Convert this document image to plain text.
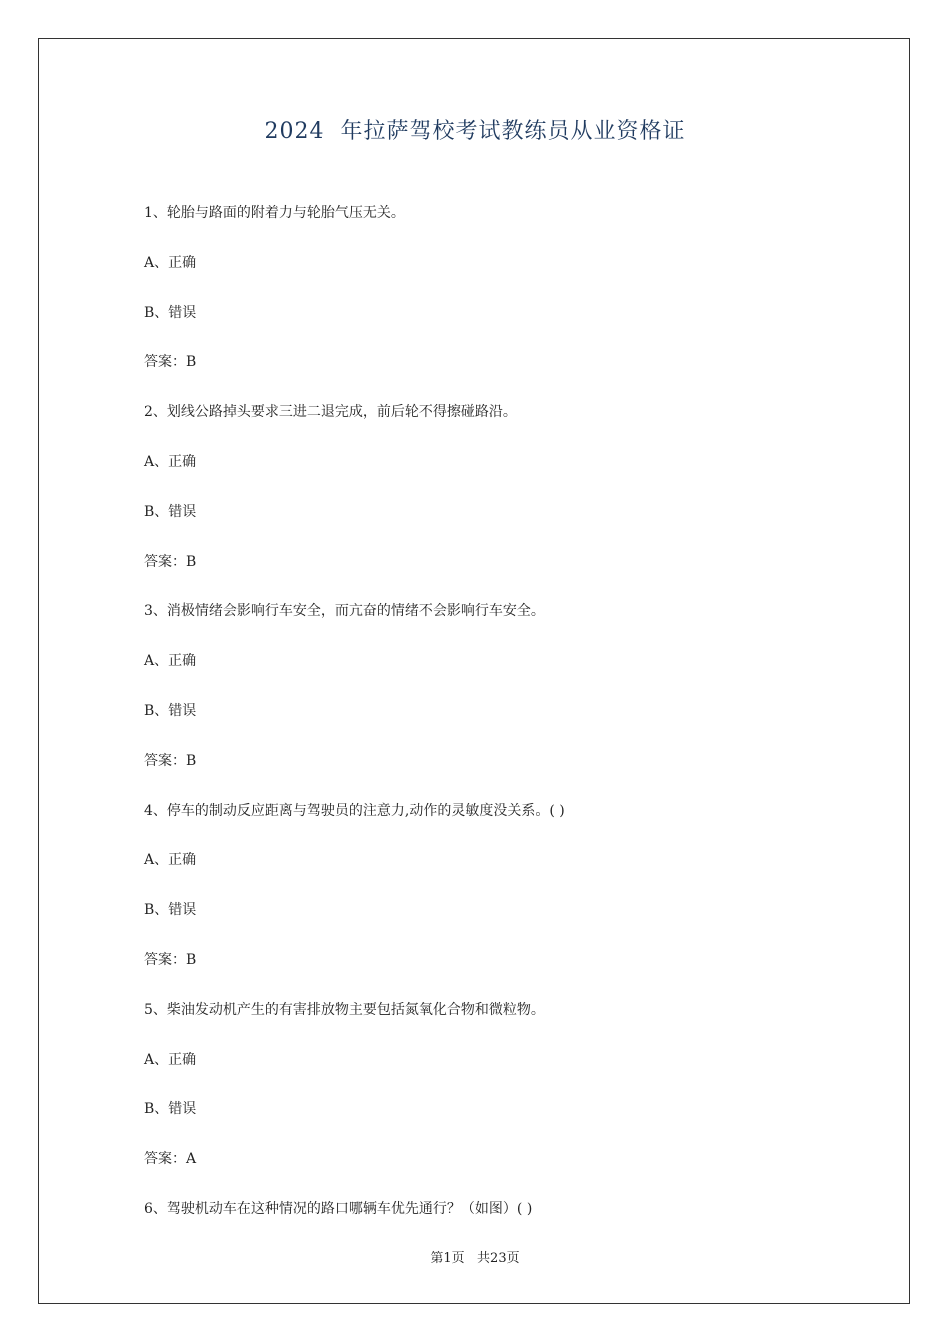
2024  年拉萨驾校考试教练员从业资格证
1、轮胎与路面的附着力与轮胎气压无关。
A、正确
B、错误
答案：B
2、划线公路掉头要求三进二退完成，前后轮不得擦碰路沿。
A、正确
B、错误
答案：B
3、消极情绪会影响行车安全，而亢奋的情绪不会影响行车安全。
A、正确
B、错误
答案：B
4、停车的制动反应距离与驾驶员的注意力,动作的灵敏度没关系。( )
A、正确
B、错误
答案：B
5、柴油发动机产生的有害排放物主要包括氮氧化合物和微粒物。
A、正确
B、错误
答案：A
6、驾驶机动车在这种情况的路口哪辆车优先通行？（如图）( )
第1页   共23页
